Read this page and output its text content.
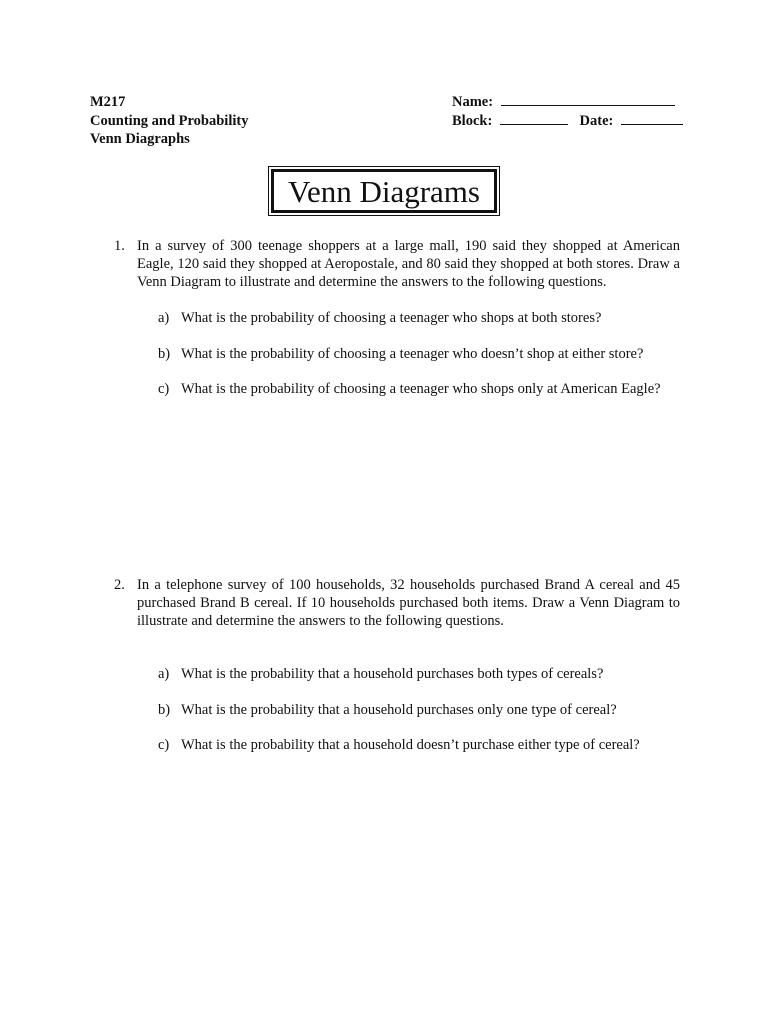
M217
Counting and Probability
Venn Diagraphs
Name:
Block:	Date:
Venn Diagrams
1. In a survey of 300 teenage shoppers at a large mall, 190 said they shopped at American Eagle, 120 said they shopped at Aeropostale, and 80 said they shopped at both stores. Draw a Venn Diagram to illustrate and determine the answers to the following questions.
a) What is the probability of choosing a teenager who shops at both stores?
b) What is the probability of choosing a teenager who doesn’t shop at either store?
c) What is the probability of choosing a teenager who shops only at American Eagle?
2. In a telephone survey of 100 households, 32 households purchased Brand A cereal and 45 purchased Brand B cereal. If 10 households purchased both items. Draw a Venn Diagram to illustrate and determine the answers to the following questions.
a) What is the probability that a household purchases both types of cereals?
b) What is the probability that a household purchases only one type of cereal?
c) What is the probability that a household doesn’t purchase either type of cereal?
